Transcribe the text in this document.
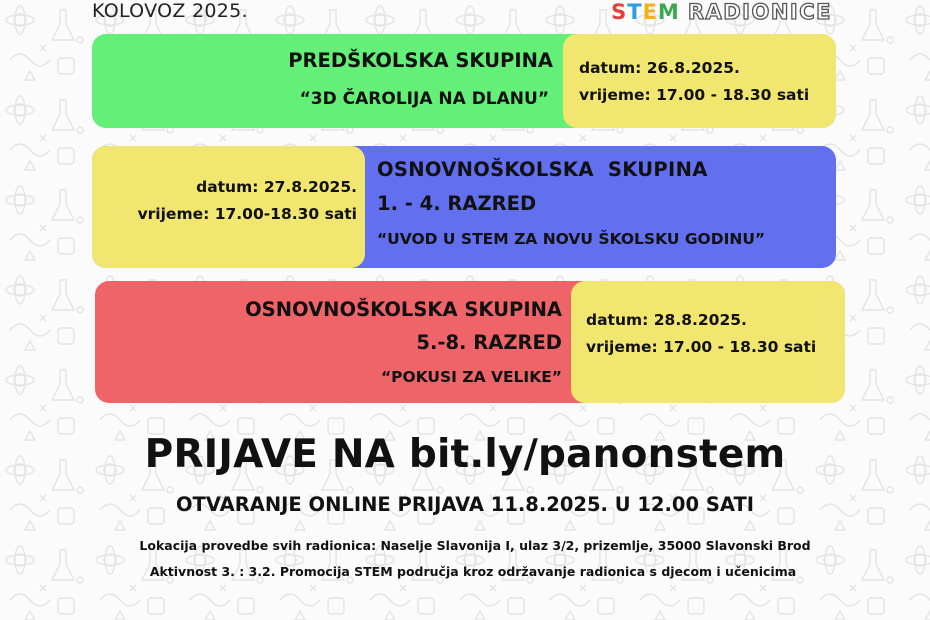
KOLOVOZ 2025.	STEM RADIONICE
PREDŠKOLSKA SKUPINA
“3D ČAROLIJA NA DLANU”
datum: 26.8.2025.
vrijeme: 17.00 - 18.30 sati
datum: 27.8.2025.
vrijeme: 17.00-18.30 sati
OSNOVNOŠKOLSKA  SKUPINA
1. - 4. RAZRED
“UVOD U STEM ZA NOVU ŠKOLSKU GODINU”
OSNOVNOŠKOLSKA SKUPINA
5.-8. RAZRED
“POKUSI ZA VELIKE”
datum: 28.8.2025.
vrijeme: 17.00 - 18.30 sati
PRIJAVE NA bit.ly/panonstem
OTVARANJE ONLINE PRIJAVA 11.8.2025. U 12.00 SATI
Lokacija provedbe svih radionica: Naselje Slavonija I, ulaz 3/2, prizemlje, 35000 Slavonski Brod
Aktivnost 3. : 3.2. Promocija STEM područja kroz održavanje radionica s djecom i učenicima
